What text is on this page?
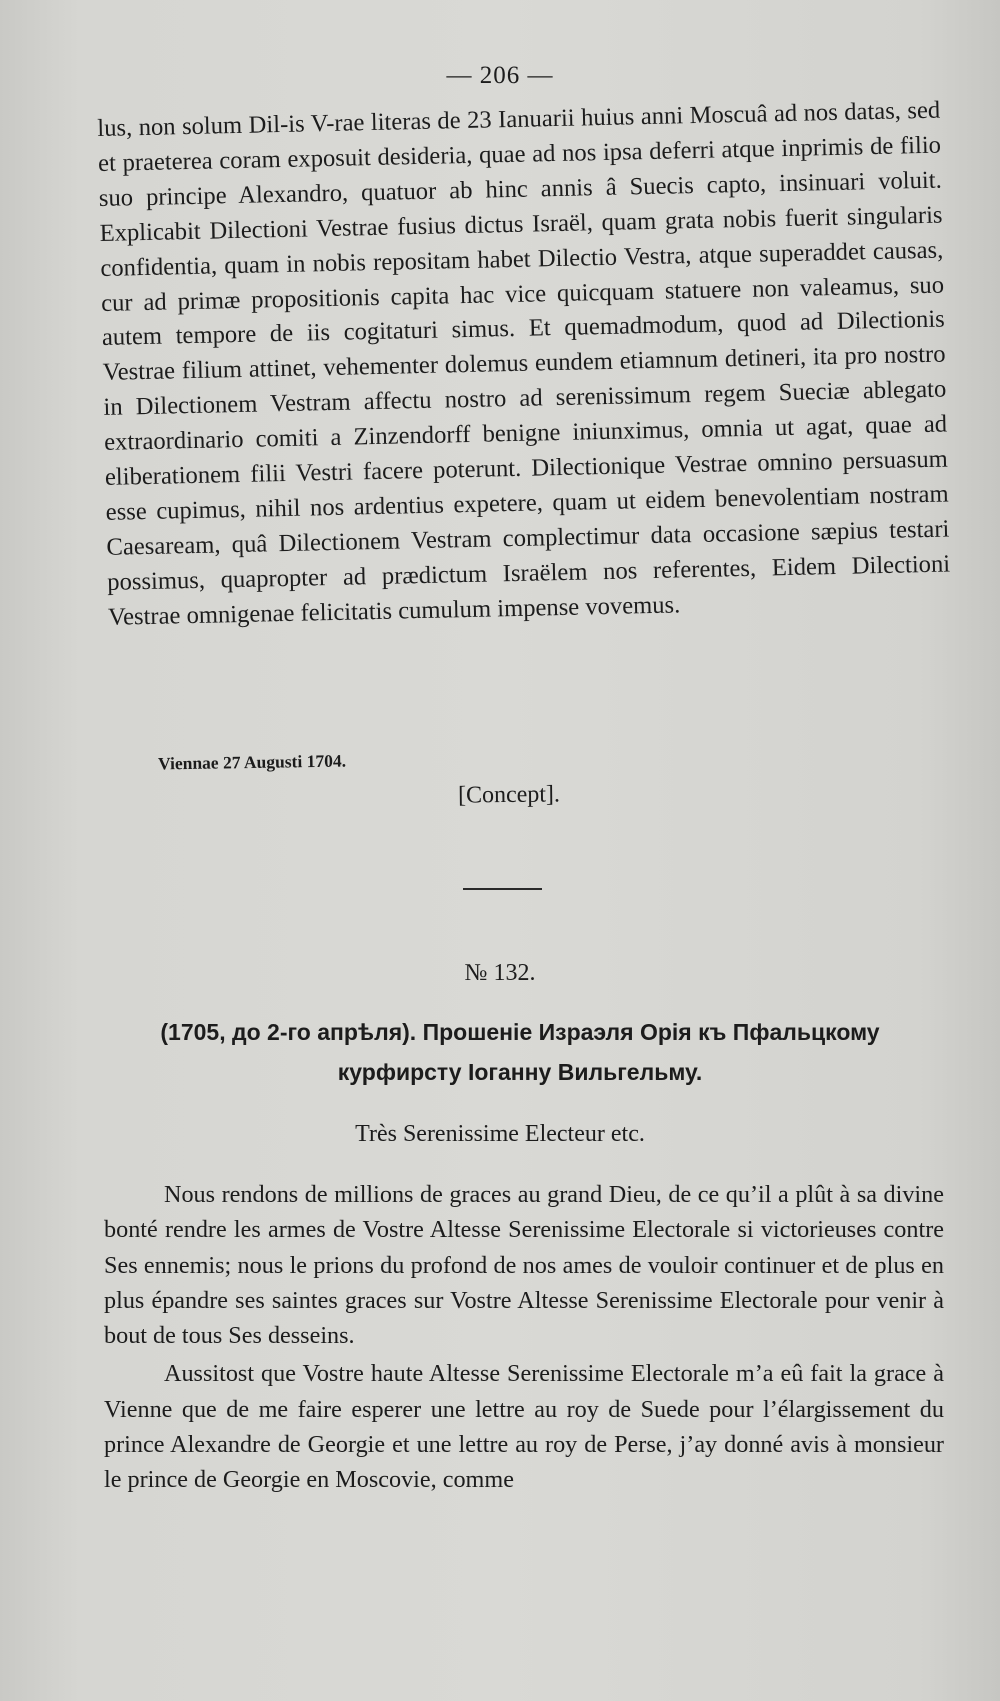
— 206 —

lus, non solum Dil-is V-rae literas de 23 Ianuarii huius anni Moscuâ ad nos datas, sed et praeterea coram exposuit desideria, quae ad nos ipsa deferri atque inprimis de filio suo principe Alexandro, quatuor ab hinc annis â Suecis capto, insinuari voluit. Explicabit Dilectioni Vestrae fusius dictus Israël, quam grata nobis fuerit singularis confidentia, quam in nobis repositam habet Dilectio Vestra, atque superaddet causas, cur ad primæ propositionis capita hac vice quicquam statuere non valeamus, suo autem tempore de iis cogitaturi simus. Et quemadmodum, quod ad Dilectionis Vestrae filium attinet, vehementer dolemus eundem etiamnum detineri, ita pro nostro in Dilectionem Vestram affectu nostro ad serenissimum regem Sueciæ ablegato extraordinario comiti a Zinzendorff benigne iniunximus, omnia ut agat, quae ad eliberationem filii Vestri facere poterunt. Dilectionique Vestrae omnino persuasum esse cupimus, nihil nos ardentius expetere, quam ut eidem benevolentiam nostram Caesaream, quâ Dilectionem Vestram complectimur data occasione sæpius testari possimus, quapropter ad prædictum Israëlem nos referentes, Eidem Dilectioni Vestrae omnigenae felicitatis cumulum impense vovemus.

Viennae 27 Augusti 1704.
[Concept].
№ 132.
(1705, до 2-го апрѣля). Прошеніе Израэля Орія къ Пфальцкому курфирсту Іоганну Вильгельму.
Très Serenissime Electeur etc.

Nous rendons de millions de graces au grand Dieu, de ce qu’il a plût à sa divine bonté rendre les armes de Vostre Altesse Serenissime Electorale si victorieuses contre Ses ennemis; nous le prions du profond de nos ames de vouloir continuer et de plus en plus épandre ses saintes graces sur Vostre Altesse Serenissime Electorale pour venir à bout de tous Ses desseins.

Aussitost que Vostre haute Altesse Serenissime Electorale m’a eû fait la grace à Vienne que de me faire esperer une lettre au roy de Suede pour l’élargissement du prince Alexandre de Georgie et une lettre au roy de Perse, j’ay donné avis à monsieur le prince de Georgie en Moscovie, comme
